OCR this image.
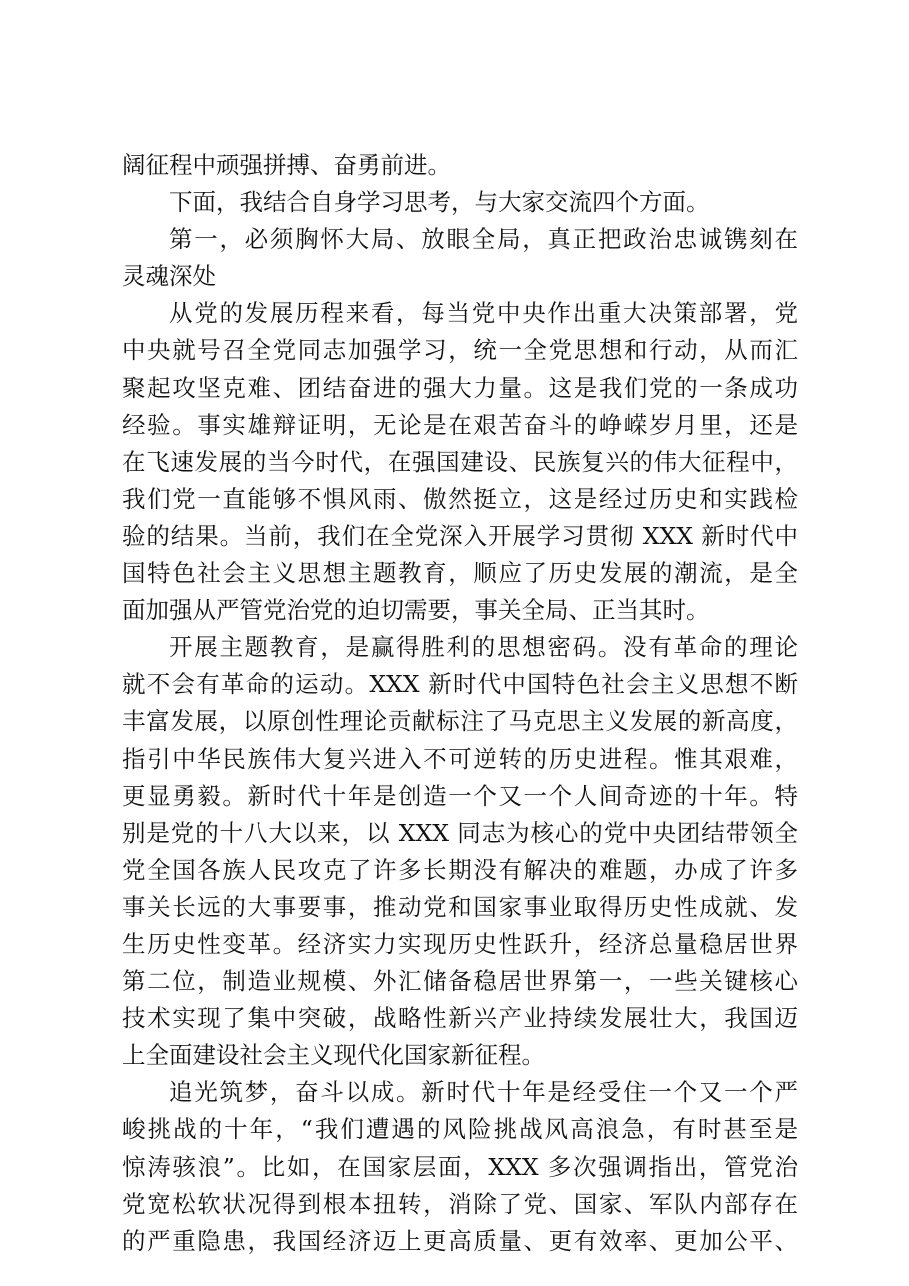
阔征程中顽强拼搏、奋勇前进。
下面，我结合自身学习思考，与大家交流四个方面。
第一，必须胸怀大局、放眼全局，真正把政治忠诚镌刻在
灵魂深处
从党的发展历程来看，每当党中央作出重大决策部署，党
中央就号召全党同志加强学习，统一全党思想和行动，从而汇
聚起攻坚克难、团结奋进的强大力量。这是我们党的一条成功
经验。事实雄辩证明，无论是在艰苦奋斗的峥嵘岁月里，还是
在飞速发展的当今时代，在强国建设、民族复兴的伟大征程中，
我们党一直能够不惧风雨、傲然挺立，这是经过历史和实践检
验的结果。当前，我们在全党深入开展学习贯彻 XXX 新时代中
国特色社会主义思想主题教育，顺应了历史发展的潮流，是全
面加强从严管党治党的迫切需要，事关全局、正当其时。
开展主题教育，是赢得胜利的思想密码。没有革命的理论
就不会有革命的运动。XXX 新时代中国特色社会主义思想不断
丰富发展，以原创性理论贡献标注了马克思主义发展的新高度，
指引中华民族伟大复兴进入不可逆转的历史进程。惟其艰难，
更显勇毅。新时代十年是创造一个又一个人间奇迹的十年。特
别是党的十八大以来，以 XXX 同志为核心的党中央团结带领全
党全国各族人民攻克了许多长期没有解决的难题，办成了许多
事关长远的大事要事，推动党和国家事业取得历史性成就、发
生历史性变革。经济实力实现历史性跃升，经济总量稳居世界
第二位，制造业规模、外汇储备稳居世界第一，一些关键核心
技术实现了集中突破，战略性新兴产业持续发展壮大，我国迈
上全面建设社会主义现代化国家新征程。
追光筑梦，奋斗以成。新时代十年是经受住一个又一个严
峻挑战的十年，“我们遭遇的风险挑战风高浪急，有时甚至是
惊涛骇浪”。比如，在国家层面，XXX 多次强调指出，管党治
党宽松软状况得到根本扭转，消除了党、国家、军队内部存在
的严重隐患，我国经济迈上更高质量、更有效率、更加公平、
